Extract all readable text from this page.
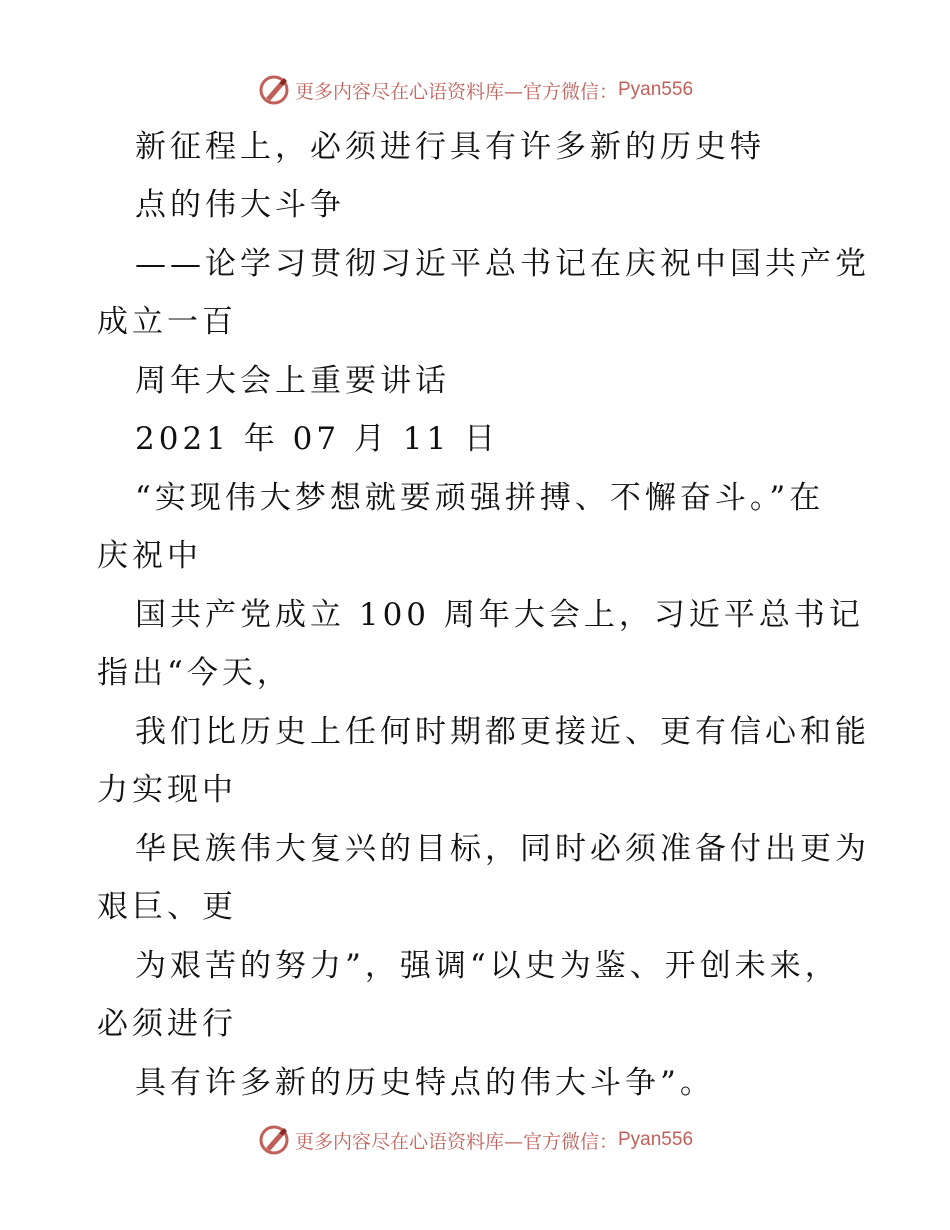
更多内容尽在心语资料库—官方微信： Pyan556
新征程上，必须进行具有许多新的历史特
点的伟大斗争
——论学习贯彻习近平总书记在庆祝中国共产党
成立一百
周年大会上重要讲话
2021 年 07 月 11 日
“实现伟大梦想就要顽强拼搏、不懈奋斗。”在
庆祝中
国共产党成立 100 周年大会上，习近平总书记
指出“今天，
我们比历史上任何时期都更接近、更有信心和能
力实现中
华民族伟大复兴的目标，同时必须准备付出更为
艰巨、更
为艰苦的努力”，强调“以史为鉴、开创未来，
必须进行
具有许多新的历史特点的伟大斗争”。
更多内容尽在心语资料库—官方微信： Pyan556
